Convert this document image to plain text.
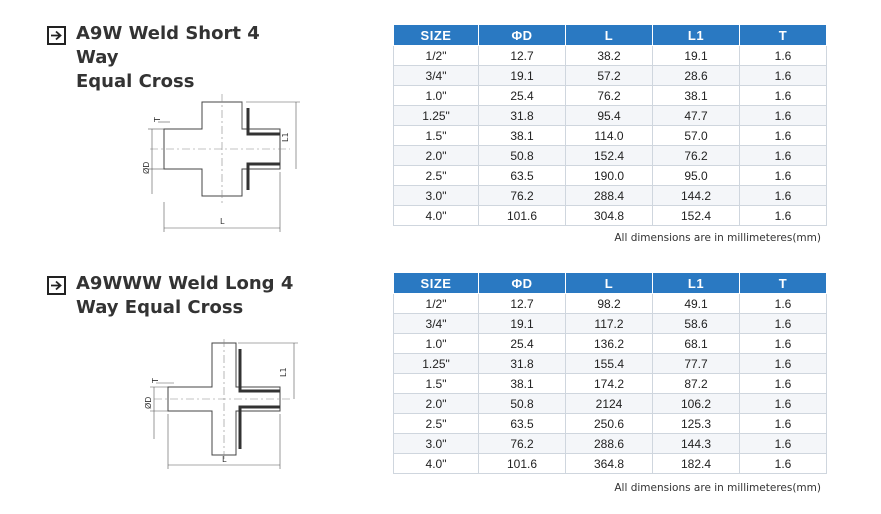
A9W Weld Short 4 Way
Equal Cross
L
L1
ØD
T
SIZE	ΦD	L	L1	T
1/2"	12.7	38.2	19.1	1.6
3/4"	19.1	57.2	28.6	1.6
1.0"	25.4	76.2	38.1	1.6
1.25"	31.8	95.4	47.7	1.6
1.5"	38.1	114.0	57.0	1.6
2.0"	50.8	152.4	76.2	1.6
2.5"	63.5	190.0	95.0	1.6
3.0"	76.2	288.4	144.2	1.6
4.0"	101.6	304.8	152.4	1.6
All dimensions are in millimeteres(mm)
A9WWW Weld Long 4
Way Equal Cross
L
L1
ØD
T
SIZE	ΦD	L	L1	T
1/2"	12.7	98.2	49.1	1.6
3/4"	19.1	117.2	58.6	1.6
1.0"	25.4	136.2	68.1	1.6
1.25"	31.8	155.4	77.7	1.6
1.5"	38.1	174.2	87.2	1.6
2.0"	50.8	2124	106.2	1.6
2.5"	63.5	250.6	125.3	1.6
3.0"	76.2	288.6	144.3	1.6
4.0"	101.6	364.8	182.4	1.6
All dimensions are in millimeteres(mm)
